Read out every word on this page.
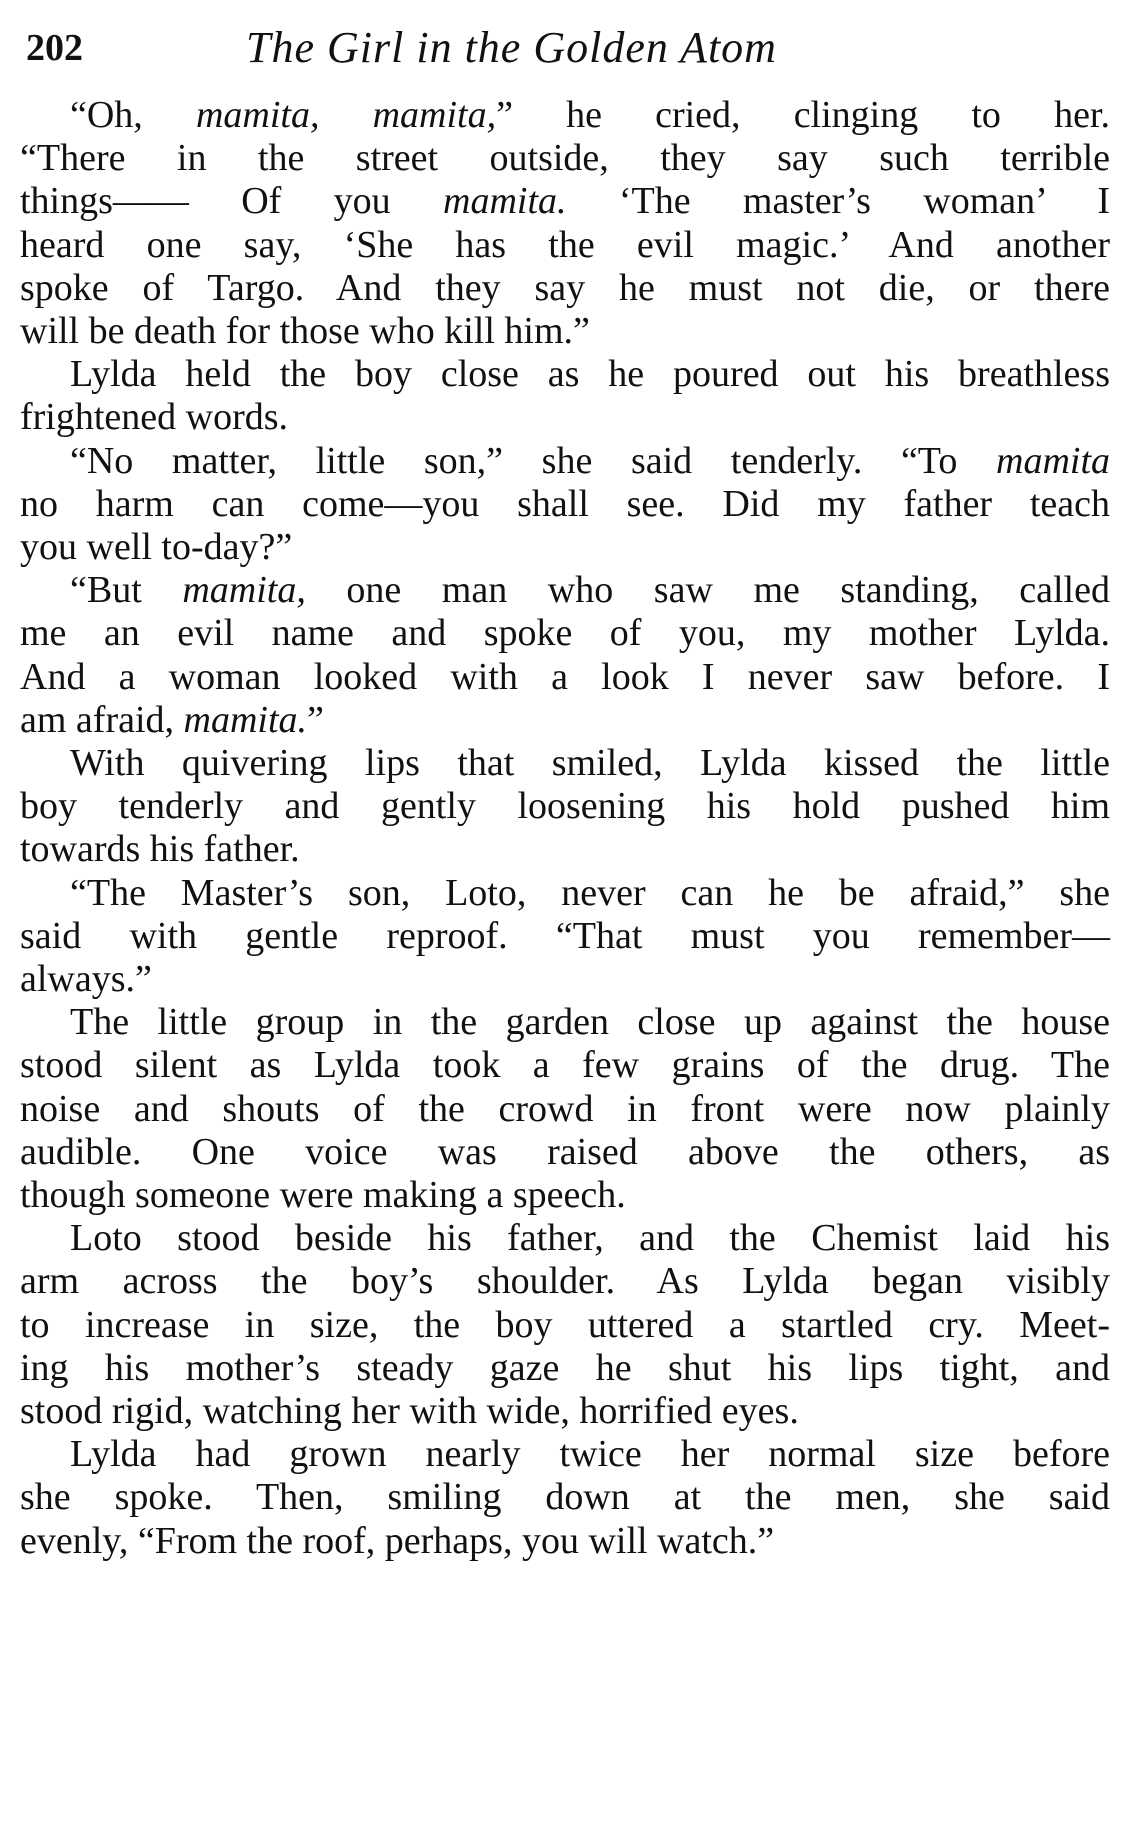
202	The Girl in the Golden Atom
“Oh, mamita, mamita,” he cried, clinging to her.
“There in the street outside, they say such terrible
things—— Of you mamita. ‘The master’s woman’ I
heard one say, ‘She has the evil magic.’ And another
spoke of Targo. And they say he must not die, or there
will be death for those who kill him.”
Lylda held the boy close as he poured out his breathless
frightened words.
“No matter, little son,” she said tenderly. “To mamita
no harm can come—you shall see. Did my father teach
you well to-day?”
“But mamita, one man who saw me standing, called
me an evil name and spoke of you, my mother Lylda.
And a woman looked with a look I never saw before. I
am afraid, mamita.”
With quivering lips that smiled, Lylda kissed the little
boy tenderly and gently loosening his hold pushed him
towards his father.
“The Master’s son, Loto, never can he be afraid,” she
said with gentle reproof. “That must you remember—
always.”
The little group in the garden close up against the house
stood silent as Lylda took a few grains of the drug. The
noise and shouts of the crowd in front were now plainly
audible. One voice was raised above the others, as
though someone were making a speech.
Loto stood beside his father, and the Chemist laid his
arm across the boy’s shoulder. As Lylda began visibly
to increase in size, the boy uttered a startled cry. Meet-
ing his mother’s steady gaze he shut his lips tight, and
stood rigid, watching her with wide, horrified eyes.
Lylda had grown nearly twice her normal size before
she spoke. Then, smiling down at the men, she said
evenly, “From the roof, perhaps, you will watch.”
